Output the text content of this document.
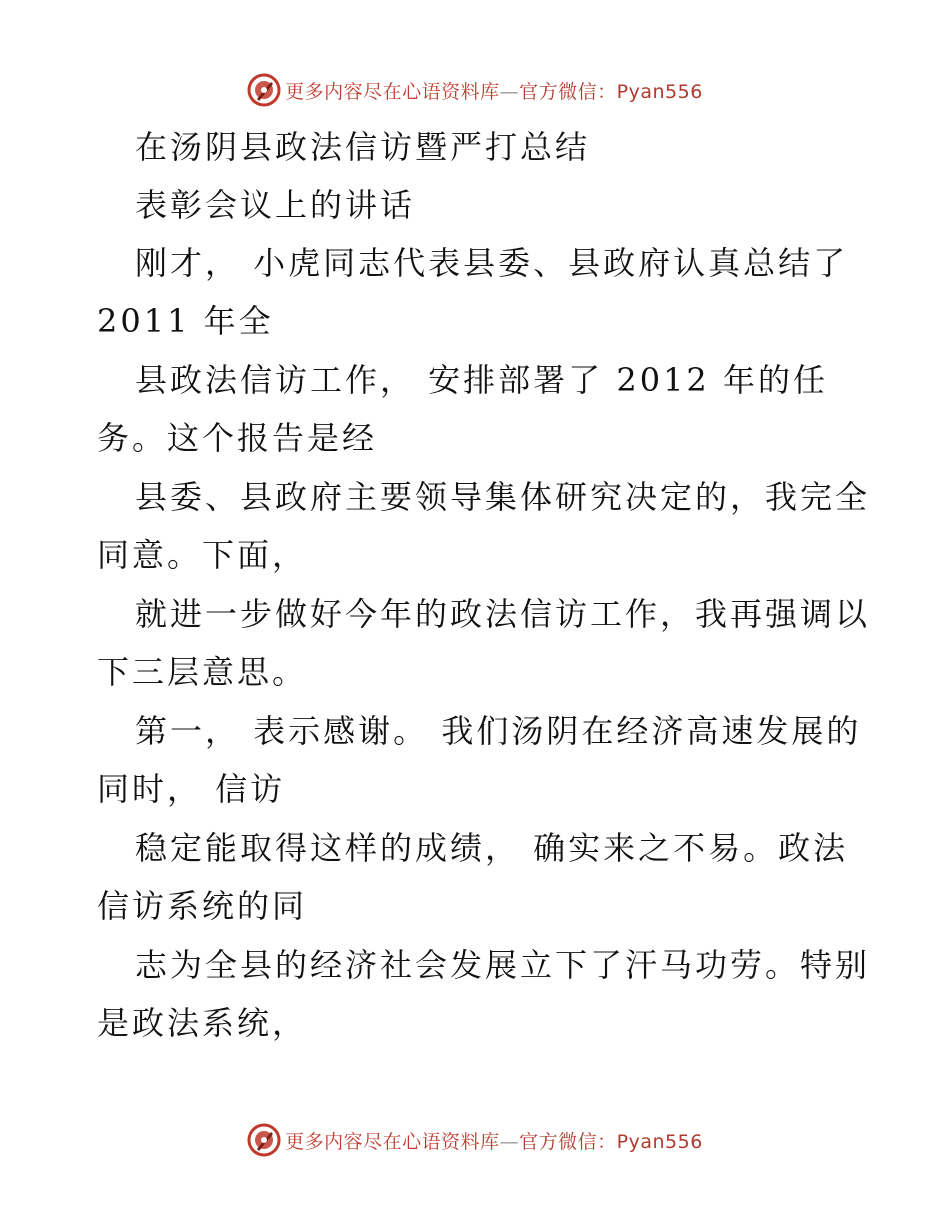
更多内容尽在心语资料库—官方微信：Pyan556
在汤阴县政法信访暨严打总结
表彰会议上的讲话
刚才， 小虎同志代表县委、县政府认真总结了
2011 年全
县政法信访工作， 安排部署了 2012 年的任
务。这个报告是经
县委、县政府主要领导集体研究决定的，我完全
同意。下面，
就进一步做好今年的政法信访工作，我再强调以
下三层意思。
第一， 表示感谢。 我们汤阴在经济高速发展的
同时， 信访
稳定能取得这样的成绩， 确实来之不易。政法
信访系统的同
志为全县的经济社会发展立下了汗马功劳。特别
是政法系统，
更多内容尽在心语资料库—官方微信：Pyan556
